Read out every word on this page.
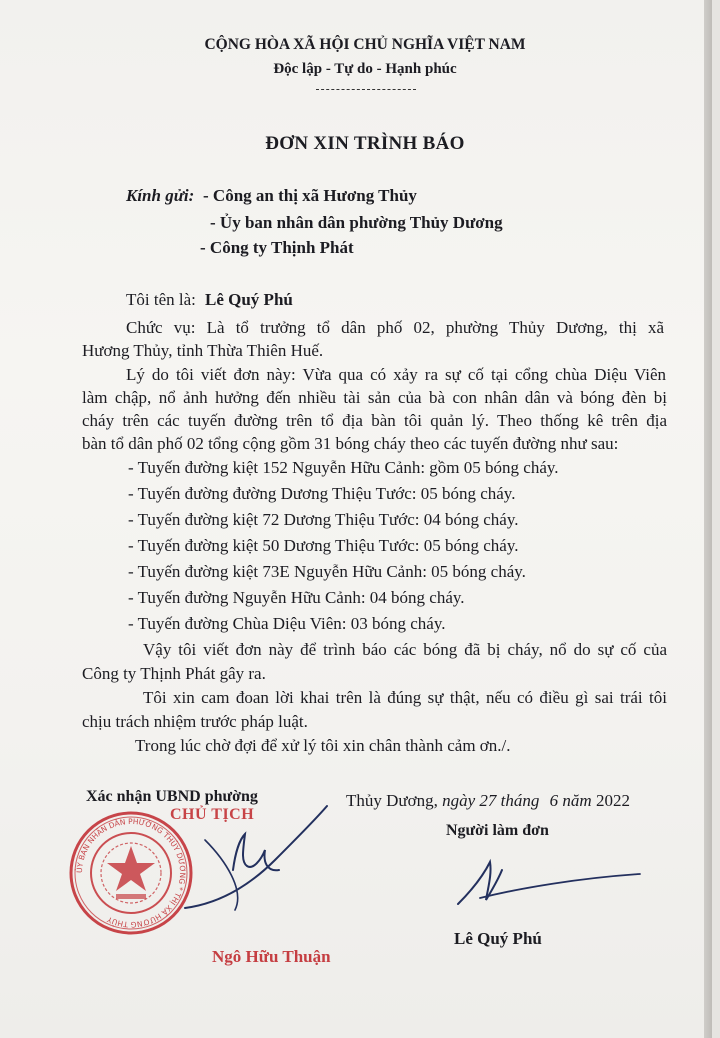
CỘNG HÒA XÃ HỘI CHỦ NGHĨA VIỆT NAM
Độc lập - Tự do - Hạnh phúc
ĐƠN XIN TRÌNH BÁO
Kính gửi: - Công an thị xã Hương Thủy
- Ủy ban nhân dân phường Thủy Dương
- Công ty Thịnh Phát
Tôi tên là: Lê Quý Phú
Chức vụ: Là tổ trưởng tổ dân phố 02, phường Thủy Dương, thị xã
Hương Thủy, tỉnh Thừa Thiên Huế.
Lý do tôi viết đơn này: Vừa qua có xảy ra sự cố tại cổng chùa Diệu Viên
làm chập, nổ ảnh hưởng đến nhiều tài sản của bà con nhân dân và bóng đèn bị
cháy trên các tuyến đường trên tổ địa bàn tôi quản lý. Theo thống kê trên địa
bàn tổ dân phố 02 tổng cộng gồm 31 bóng cháy theo các tuyến đường như sau:
- Tuyến đường kiệt 152 Nguyễn Hữu Cảnh: gồm 05 bóng cháy.
- Tuyến đường đường Dương Thiệu Tước: 05 bóng cháy.
- Tuyến đường kiệt 72 Dương Thiệu Tước: 04 bóng cháy.
- Tuyến đường kiệt 50 Dương Thiệu Tước: 05 bóng cháy.
- Tuyến đường kiệt 73E Nguyễn Hữu Cảnh: 05 bóng cháy.
- Tuyến đường Nguyễn Hữu Cảnh: 04 bóng cháy.
- Tuyến đường Chùa Diệu Viên: 03 bóng cháy.
Vậy tôi viết đơn này để trình báo các bóng đã bị cháy, nổ do sự cố của
Công ty Thịnh Phát gây ra.
Tôi xin cam đoan lời khai trên là đúng sự thật, nếu có điều gì sai trái tôi
chịu trách nhiệm trước pháp luật.
Trong lúc chờ đợi để xử lý tôi xin chân thành cảm ơn./.
Xác nhận UBND phường
ỦY BAN NHÂN DÂN PHƯỜNG THỦY DƯƠNG * THỊ XÃ HƯƠNG THỦY
CHỦ TỊCH
Ngô Hữu Thuận
Thủy Dương, ngày 27 tháng 6 năm 2022
Người làm đơn
Lê Quý Phú
